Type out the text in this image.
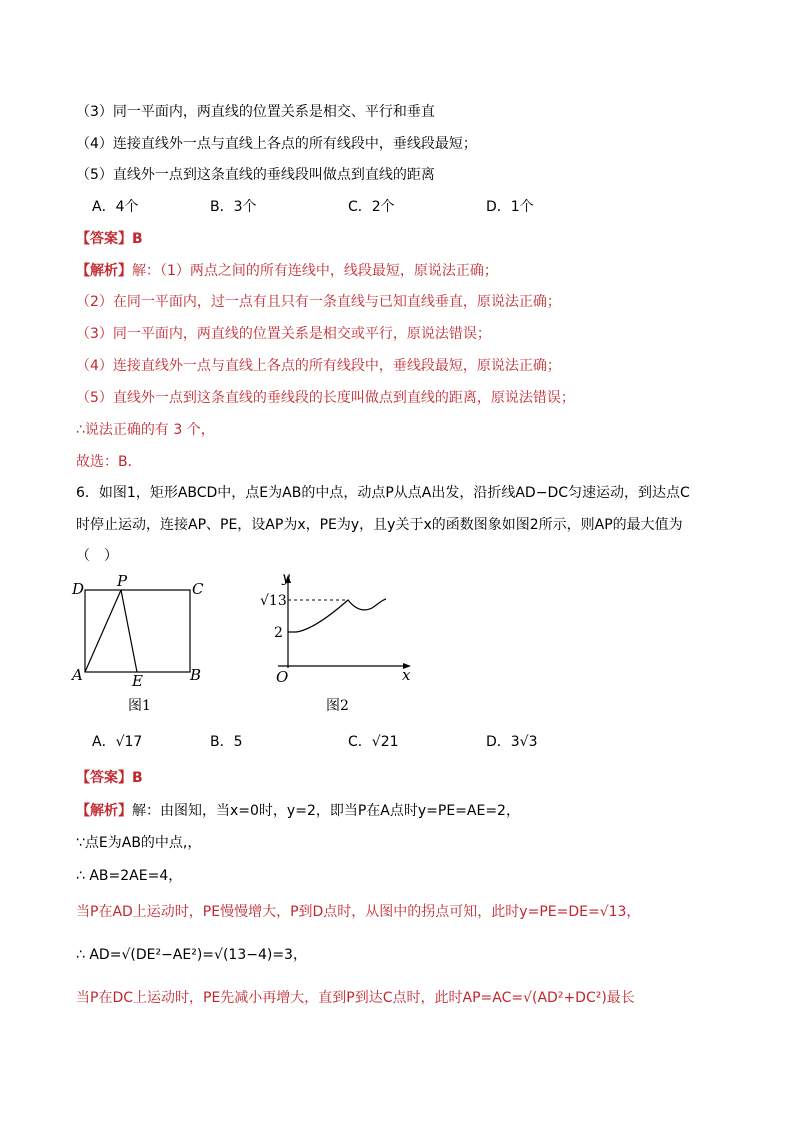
（3）同一平面内，两直线的位置关系是相交、平行和垂直
（4）连接直线外一点与直线上各点的所有线段中，垂线段最短；
（5）直线外一点到这条直线的垂线段叫做点到直线的距离
A．4个	B．3个	C．2个	D．1个
【答案】B
【解析】解：（1）两点之间的所有连线中，线段最短，原说法正确；
（2）在同一平面内，过一点有且只有一条直线与已知直线垂直，原说法正确；
（3）同一平面内，两直线的位置关系是相交或平行，原说法错误；
（4）连接直线外一点与直线上各点的所有线段中，垂线段最短，原说法正确；
（5）直线外一点到这条直线的垂线段的长度叫做点到直线的距离，原说法错误；
∴说法正确的有 3 个，
故选：B．
6．如图1，矩形ABCD中，点E为AB的中点，动点P从点A出发，沿折线AD−DC匀速运动，到达点C
时停止运动，连接AP、PE，设AP为x，PE为y，且y关于x的函数图象如图2所示，则AP的最大值为
（　）
D P	C
A	E	B
图1
y
x
O
√13
2
图2
A．√17	B．5	C．√21	D．3√3
【答案】B
【解析】解：由图知，当x=0时，y=2，即当P在A点时y=PE=AE=2，
∵点E为AB的中点,，
∴ AB=2AE=4，
当P在AD上运动时，PE慢慢增大，P到D点时，从图中的拐点可知，此时y=PE=DE=√13，
∴ AD=√(DE²−AE²)=√(13−4)=3，
当P在DC上运动时，PE先减小再增大，直到P到达C点时，此时AP=AC=√(AD²+DC²)最长
